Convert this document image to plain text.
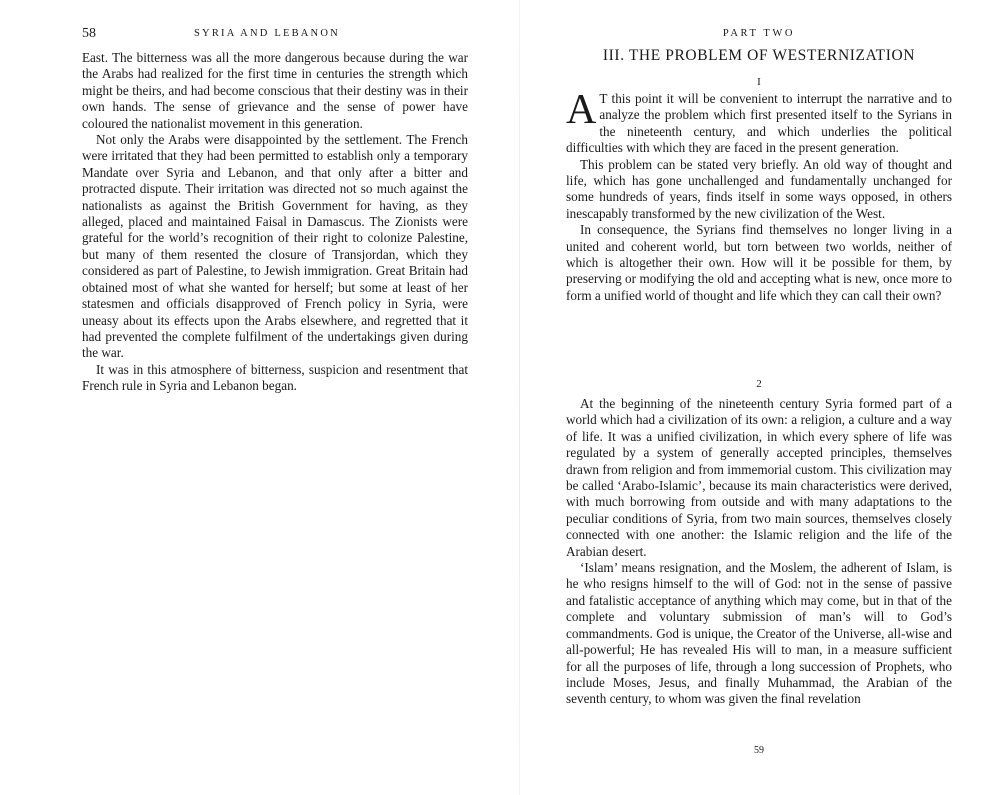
58	SYRIA AND LEBANON

East. The bitterness was all the more dangerous because during the war the Arabs had realized for the first time in centuries the strength which might be theirs, and had become conscious that their destiny was in their own hands. The sense of grievance and the sense of power have coloured the nationalist movement in this generation.

Not only the Arabs were disappointed by the settlement. The French were irritated that they had been permitted to establish only a temporary Mandate over Syria and Lebanon, and that only after a bitter and protracted dispute. Their irritation was directed not so much against the nationalists as against the British Government for having, as they alleged, placed and maintained Faisal in Damascus. The Zionists were grateful for the world’s recognition of their right to colonize Palestine, but many of them resented the closure of Transjordan, which they considered as part of Palestine, to Jewish immigration. Great Britain had obtained most of what she wanted for herself; but some at least of her statesmen and officials disapproved of French policy in Syria, were uneasy about its effects upon the Arabs elsewhere, and regretted that it had prevented the complete fulfilment of the undertakings given during the war.

It was in this atmosphere of bitterness, suspicion and resentment that French rule in Syria and Lebanon began.

PART TWO
III. THE PROBLEM OF WESTERNIZATION
I

A T this point it will be convenient to interrupt the narrative and to analyze the problem which first presented itself to the Syrians in the nineteenth century, and which underlies the political difficulties with which they are faced in the present generation.

This problem can be stated very briefly. An old way of thought and life, which has gone unchallenged and fundamentally unchanged for some hundreds of years, finds itself in some ways opposed, in others inescapably transformed by the new civilization of the West.

In consequence, the Syrians find themselves no longer living in a united and coherent world, but torn between two worlds, neither of which is altogether their own. How will it be possible for them, by preserving or modifying the old and accepting what is new, once more to form a unified world of thought and life which they can call their own?

2

At the beginning of the nineteenth century Syria formed part of a world which had a civilization of its own: a religion, a culture and a way of life. It was a unified civilization, in which every sphere of life was regulated by a system of generally accepted principles, themselves drawn from religion and from immemorial custom. This civilization may be called ‘Arabo-Islamic’, because its main characteristics were derived, with much borrowing from outside and with many adaptations to the peculiar conditions of Syria, from two main sources, themselves closely connected with one another: the Islamic religion and the life of the Arabian desert.

‘Islam’ means resignation, and the Moslem, the adherent of Islam, is he who resigns himself to the will of God: not in the sense of passive and fatalistic acceptance of anything which may come, but in that of the complete and voluntary submission of man’s will to God’s commandments. God is unique, the Creator of the Universe, all-wise and all-powerful; He has revealed His will to man, in a measure sufficient for all the purposes of life, through a long succession of Prophets, who include Moses, Jesus, and finally Muhammad, the Arabian of the seventh century, to whom was given the final revelation

59
